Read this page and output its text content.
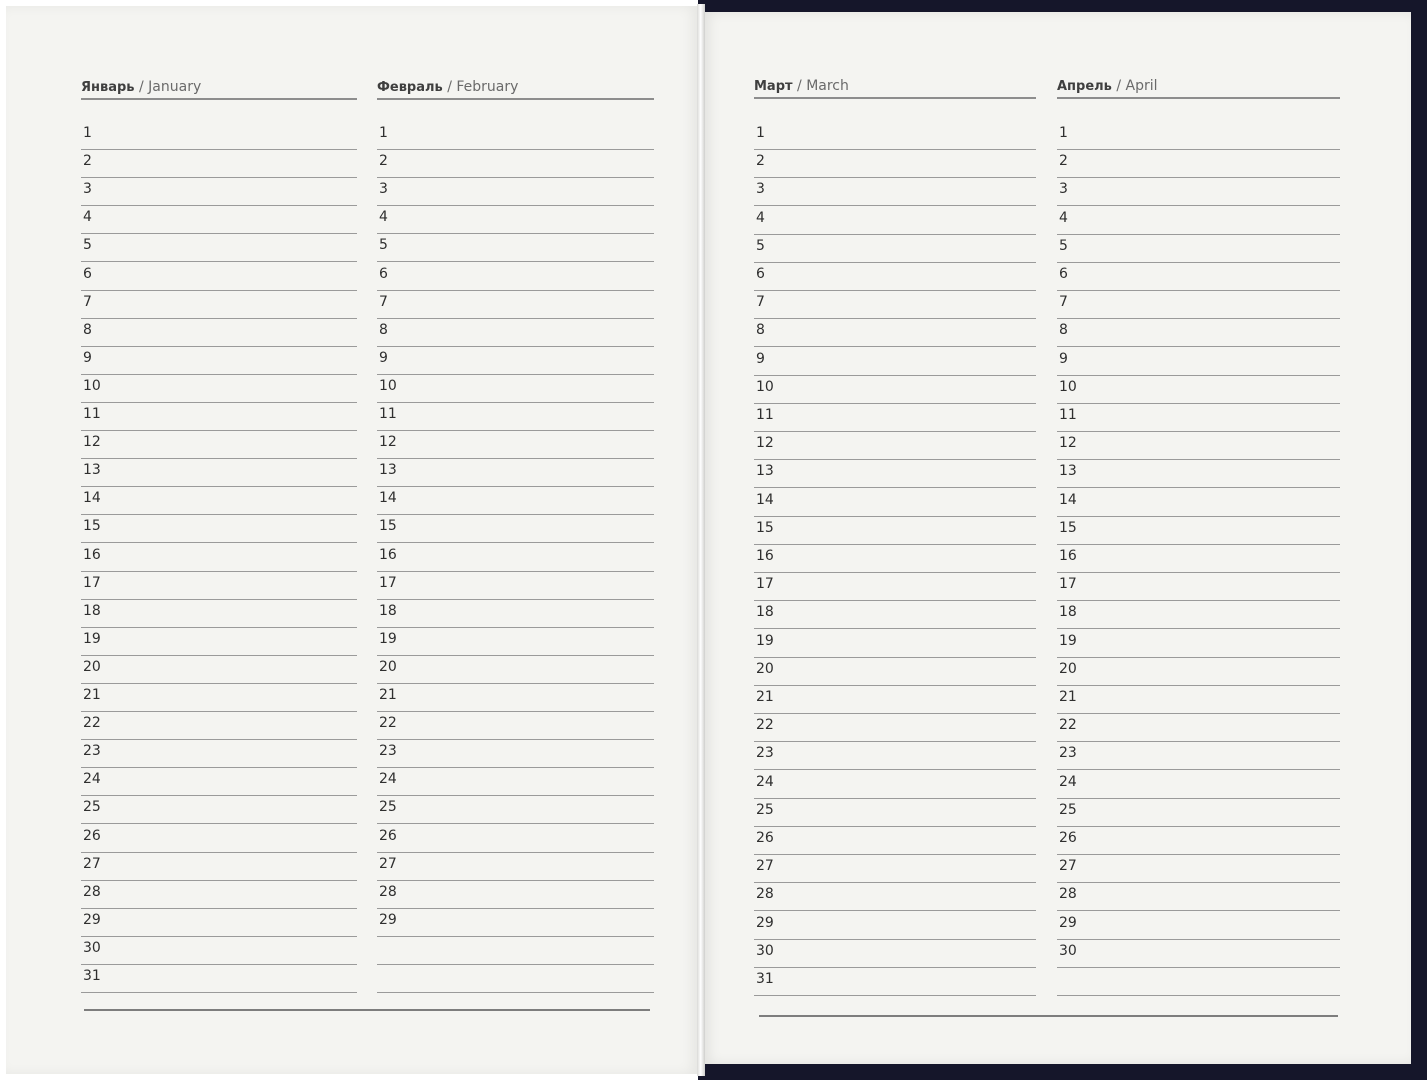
Январь / January
1
2
3
4
5
6
7
8
9
10
11
12
13
14
15
16
17
18
19
20
21
22
23
24
25
26
27
28
29
30
31
Февраль / February
1
2
3
4
5
6
7
8
9
10
11
12
13
14
15
16
17
18
19
20
21
22
23
24
25
26
27
28
29
Март / March
1
2
3
4
5
6
7
8
9
10
11
12
13
14
15
16
17
18
19
20
21
22
23
24
25
26
27
28
29
30
31
Апрель / April
1
2
3
4
5
6
7
8
9
10
11
12
13
14
15
16
17
18
19
20
21
22
23
24
25
26
27
28
29
30
